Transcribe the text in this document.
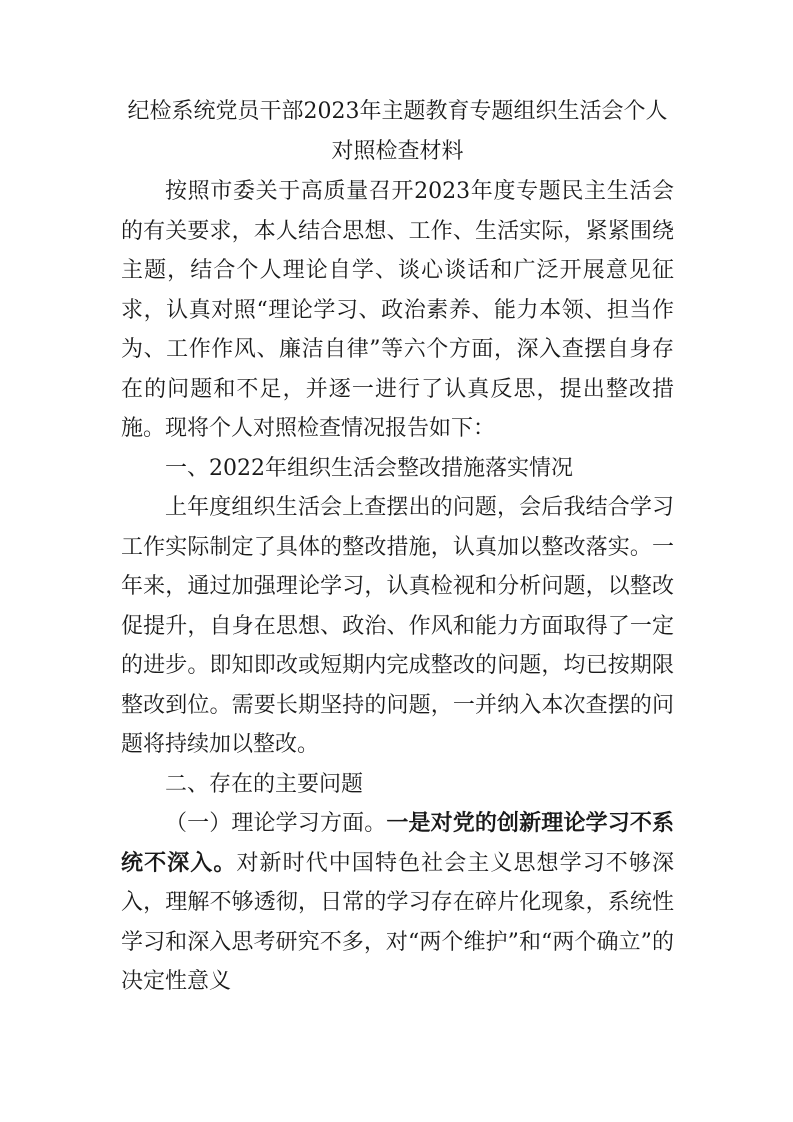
纪检系统党员干部2023年主题教育专题组织生活会个人对照检查材料

按照市委关于高质量召开2023年度专题民主生活会的有关要求，本人结合思想、工作、生活实际，紧紧围绕主题，结合个人理论自学、谈心谈话和广泛开展意见征求，认真对照“理论学习、政治素养、能力本领、担当作为、工作作风、廉洁自律”等六个方面，深入查摆自身存在的问题和不足，并逐一进行了认真反思，提出整改措施。现将个人对照检查情况报告如下：

一、2022年组织生活会整改措施落实情况

上年度组织生活会上查摆出的问题，会后我结合学习工作实际制定了具体的整改措施，认真加以整改落实。一年来，通过加强理论学习，认真检视和分析问题，以整改促提升，自身在思想、政治、作风和能力方面取得了一定的进步。即知即改或短期内完成整改的问题，均已按期限整改到位。需要长期坚持的问题，一并纳入本次查摆的问题将持续加以整改。

二、存在的主要问题

（一）理论学习方面。一是对党的创新理论学习不系统不深入。对新时代中国特色社会主义思想学习不够深入，理解不够透彻，日常的学习存在碎片化现象，系统性学习和深入思考研究不多，对“两个维护”和“两个确立”的决定性意义
